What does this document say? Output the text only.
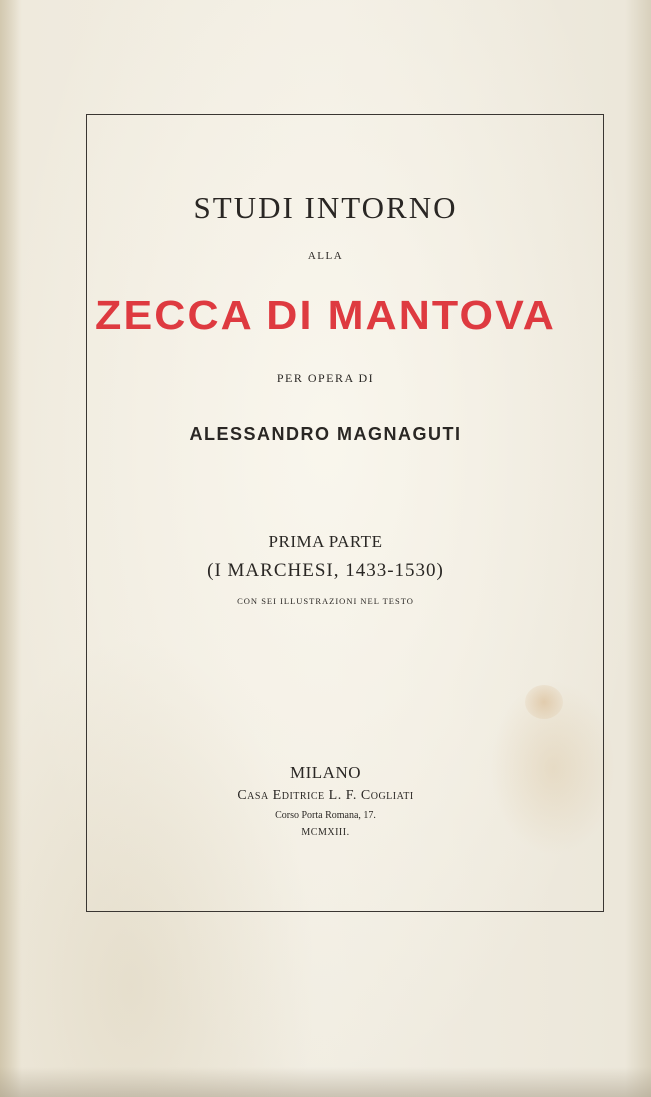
STUDI INTORNO
ALLA
ZECCA DI MANTOVA
PER OPERA DI
ALESSANDRO MAGNAGUTI
PRIMA PARTE
(I MARCHESI, 1433-1530)
CON SEI ILLUSTRAZIONI NEL TESTO
MILANO
Casa Editrice L. F. Cogliati
Corso Porta Romana, 17.
MCMXIII.
